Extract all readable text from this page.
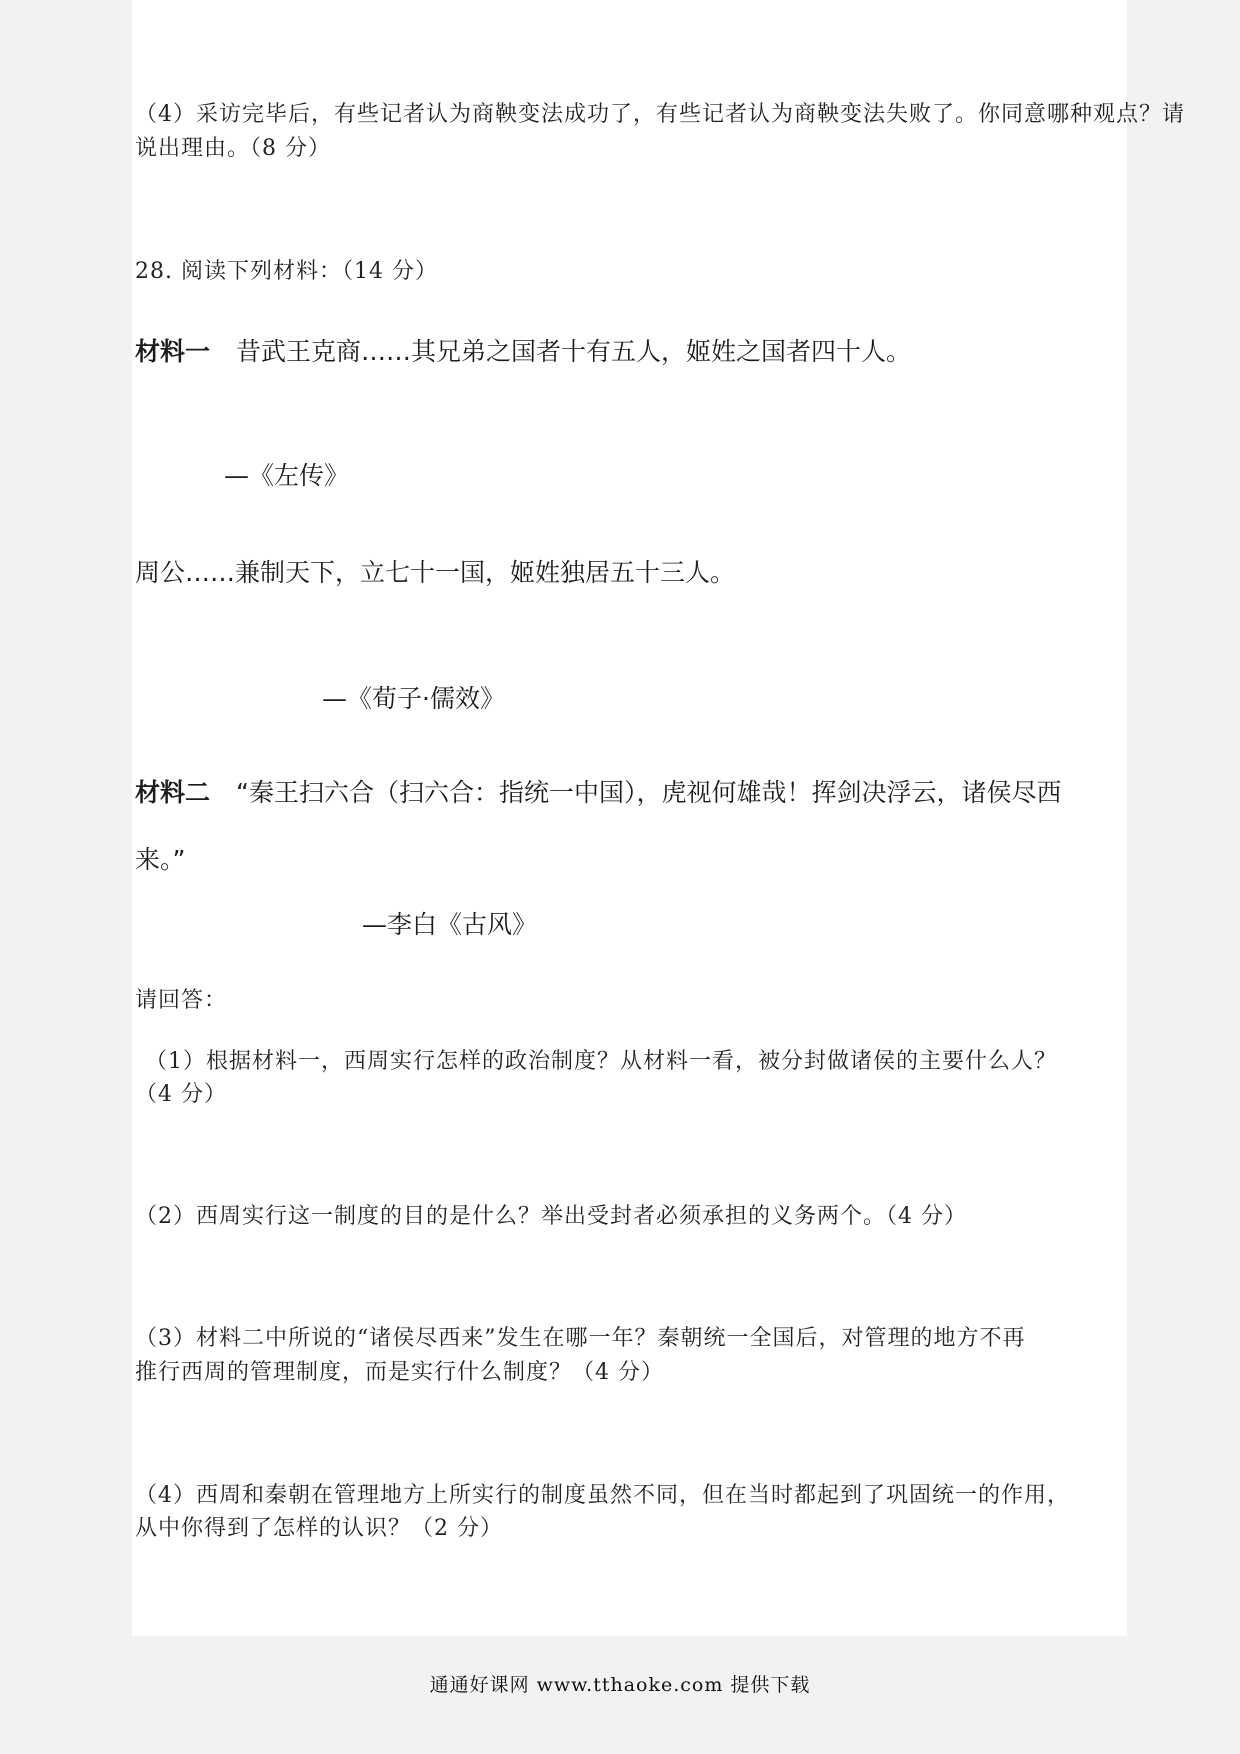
（4）采访完毕后，有些记者认为商鞅变法成功了，有些记者认为商鞅变法失败了。你同意哪种观点？请

说出理由。（8 分）

28. 阅读下列材料：（14 分）

材料一 昔武王克商……其兄弟之国者十有五人，姬姓之国者四十人。

—《左传》

周公……兼制天下，立七十一国，姬姓独居五十三人。

—《荀子·儒效》

材料二 “秦王扫六合（扫六合：指统一中国），虎视何雄哉！挥剑决浮云，诸侯尽西

来。”

—李白《古风》

请回答：

（1）根据材料一，西周实行怎样的政治制度？从材料一看，被分封做诸侯的主要什么人？

（4 分）

（2）西周实行这一制度的目的是什么？举出受封者必须承担的义务两个。（4 分）

（3）材料二中所说的“诸侯尽西来”发生在哪一年？秦朝统一全国后，对管理的地方不再

推行西周的管理制度，而是实行什么制度？（4 分）

（4）西周和秦朝在管理地方上所实行的制度虽然不同，但在当时都起到了巩固统一的作用，

从中你得到了怎样的认识？（2 分）

通通好课网 www.tthaoke.com 提供下载
